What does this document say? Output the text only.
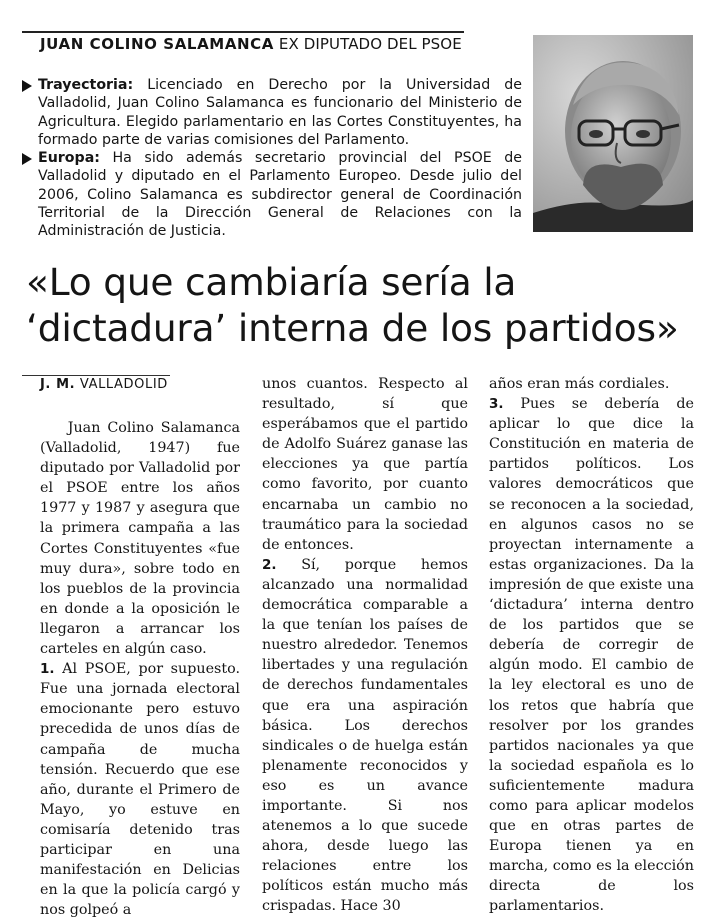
JUAN COLINO SALAMANCA EX DIPUTADO DEL PSOE
Trayectoria: Licenciado en Derecho por la Universidad de Valladolid, Juan Colino Salamanca es funcionario del Ministerio de Agricultura. Elegido parlamentario en las Cortes Constituyentes, ha formado parte de varias comisiones del Parlamento.
Europa: Ha sido además secretario provincial del PSOE de Valladolid y diputado en el Parlamento Europeo. Desde julio del 2006, Colino Salamanca es subdirector general de Coordinación Territorial de la Dirección General de Relaciones con la Administración de Justicia.
«Lo que cambiaría sería la
‘dictadura’ interna de los partidos»
J. M. VALLADOLID

Juan Colino Salamanca (Valladolid, 1947) fue diputado por Valladolid por el PSOE entre los años 1977 y 1987 y asegura que la primera campaña a las Cortes Constituyentes «fue muy dura», sobre todo en los pueblos de la provincia en donde a la oposición le llegaron a arrancar los carteles en algún caso.

1. Al PSOE, por supuesto. Fue una jornada electoral emocionante pero estuvo precedida de unos días de campaña de mucha tensión. Recuerdo que ese año, durante el Primero de Mayo, yo estuve en comisaría detenido tras participar en una manifestación en Delicias en la que la policía cargó y nos golpeó a

unos cuantos. Respecto al resultado, sí que esperábamos que el partido de Adolfo Suárez ganase las elecciones ya que partía como favorito, por cuanto encarnaba un cambio no traumático para la sociedad de entonces.

2. Sí, porque hemos alcanzado una normalidad democrática comparable a la que tenían los países de nuestro alrededor. Tenemos libertades y una regulación de derechos fundamentales que era una aspiración básica. Los derechos sindicales o de huelga están plenamente reconocidos y eso es un avance importante. Si nos atenemos a lo que sucede ahora, desde luego las relaciones entre los políticos están mucho más crispadas. Hace 30

años eran más cordiales.

3. Pues se debería de aplicar lo que dice la Constitución en materia de partidos políticos. Los valores democráticos que se reconocen a la sociedad, en algunos casos no se proyectan internamente a estas organizaciones. Da la impresión de que existe una ‘dictadura’ interna dentro de los partidos que se debería de corregir de algún modo. El cambio de la ley electoral es uno de los retos que habría que resolver por los grandes partidos nacionales ya que la sociedad española es lo suficientemente madura como para aplicar modelos que en otras partes de Europa tienen ya en marcha, como es la elección directa de los parlamentarios.
